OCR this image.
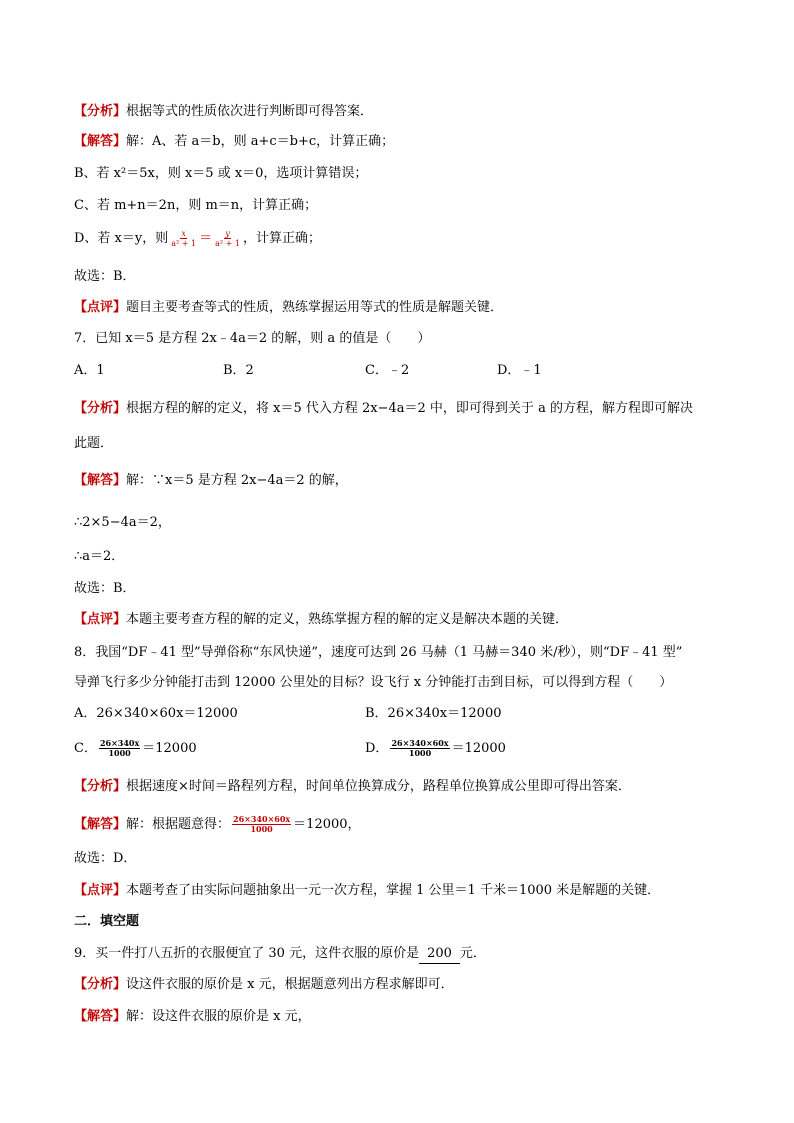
【分析】根据等式的性质依次进行判断即可得答案．
【解答】解：A、若 a＝b，则 a+c＝b+c，计算正确；
B、若 x²＝5x，则 x＝5 或 x＝0，选项计算错误；
C、若 m+n＝2n，则 m＝n，计算正确；
D、若 x＝y，则 $\frac{x}{\text{a² + 1}} = \frac{y}{\text{a² + 1}}$ ，计算正确；
故选：B．
【点评】题目主要考查等式的性质，熟练掌握运用等式的性质是解题关键．
7．已知 x＝5 是方程 2x﹣4a＝2 的解，则 a 的值是（　　）
A．1	B．2	C．﹣2	D．﹣1
【分析】根据方程的解的定义，将 x＝5 代入方程 2x−4a＝2 中，即可得到关于 a 的方程，解方程即可解决
此题．
【解答】解：∵x＝5 是方程 2x−4a＝2 的解，
∴2×5−4a＝2，
∴a＝2．
故选：B．
【点评】本题主要考查方程的解的定义，熟练掌握方程的解的定义是解决本题的关键．
8．我国“DF﹣41 型”导弹俗称“东风快递”，速度可达到 26 马赫（1 马赫＝340 米/秒），则“DF﹣41 型”
导弹飞行多少分钟能打击到 12000 公里处的目标？设飞行 x 分钟能打击到目标，可以得到方程（　　）
A．26×340×60x＝12000	B．26×340x＝12000
C． $\frac{26\times 340x}{1000} =12000$	D． $\frac{26\times 340\times 60x}{1000} =12000$
【分析】根据速度×时间＝路程列方程，时间单位换算成分，路程单位换算成公里即可得出答案．
【解答】解：根据题意得： $\frac{26\times 340\times 60x}{1000} =12000$，
故选：D．
【点评】本题考查了由实际问题抽象出一元一次方程，掌握 1 公里＝1 千米＝1000 米是解题的关键．
二．填空题
9．买一件打八五折的衣服便宜了 30 元，这件衣服的原价是 200 元．
【分析】设这件衣服的原价是 x 元，根据题意列出方程求解即可．
【解答】解：设这件衣服的原价是 x 元，
